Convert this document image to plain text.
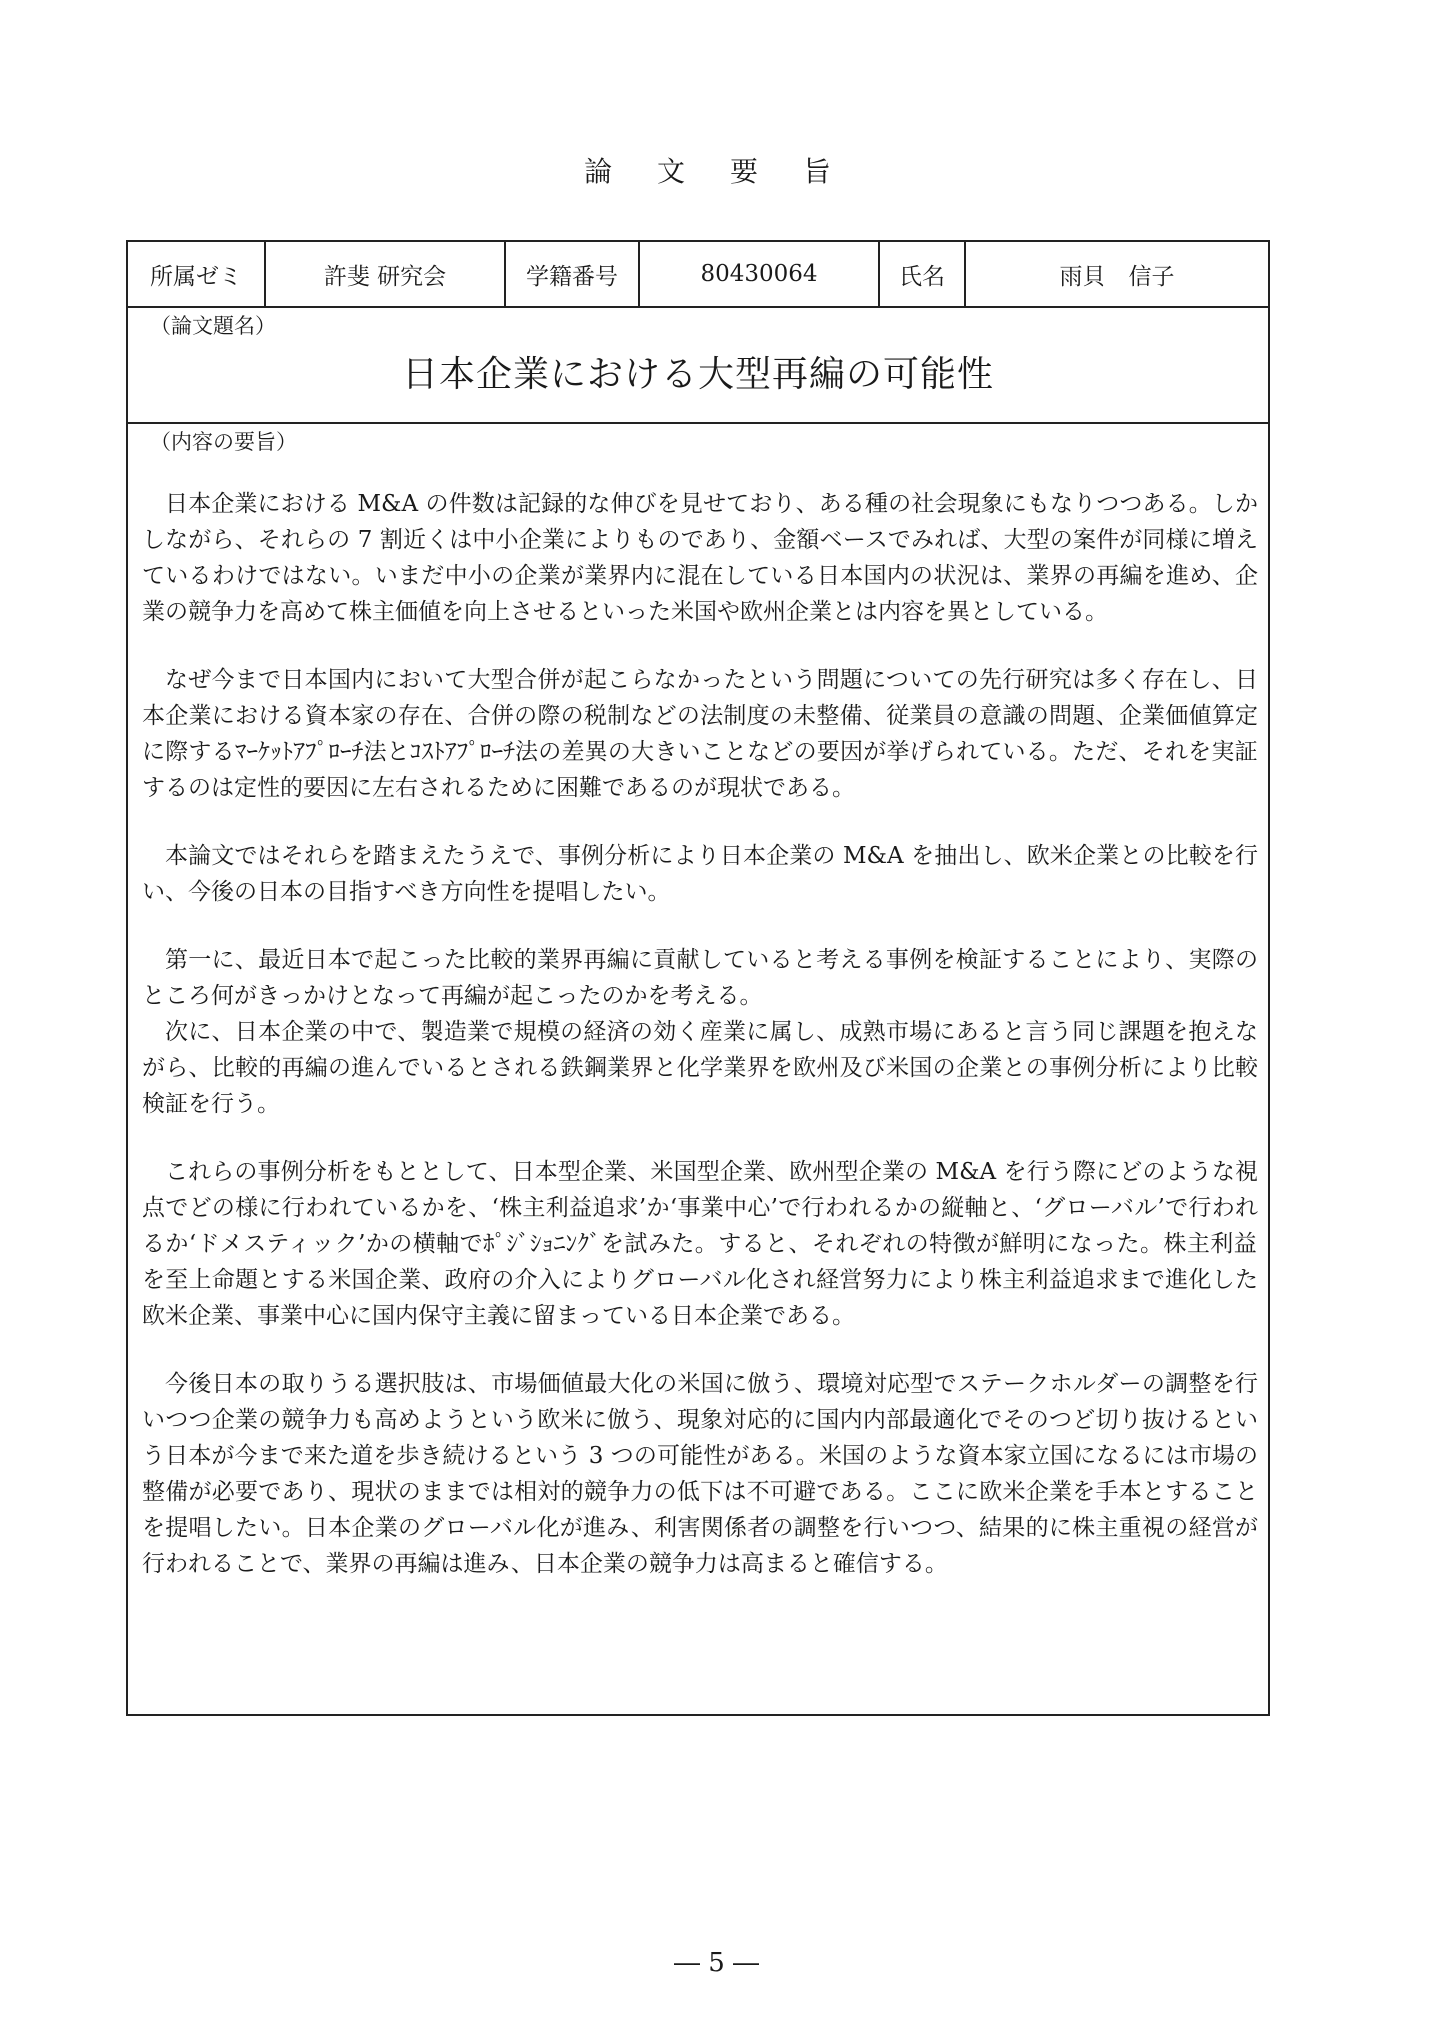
論 文 要 旨
所属ゼミ	許斐 研究会	学籍番号	80430064	氏名	雨貝　信子
（論文題名）
日本企業における大型再編の可能性
（内容の要旨）

日本企業における M&A の件数は記録的な伸びを見せており、ある種の社会現象にもなりつつある。しかしながら、それらの 7 割近くは中小企業によりものであり、金額ベースでみれば、大型の案件が同様に増えているわけではない。いまだ中小の企業が業界内に混在している日本国内の状況は、業界の再編を進め、企業の競争力を高めて株主価値を向上させるといった米国や欧州企業とは内容を異としている。

なぜ今まで日本国内において大型合併が起こらなかったという問題についての先行研究は多く存在し、日本企業における資本家の存在、合併の際の税制などの法制度の未整備、従業員の意識の問題、企業価値算定に際するﾏｰｹｯﾄｱﾌﾟﾛｰﾁ法とｺｽﾄｱﾌﾟﾛｰﾁ法の差異の大きいことなどの要因が挙げられている。ただ、それを実証するのは定性的要因に左右されるために困難であるのが現状である。

本論文ではそれらを踏まえたうえで、事例分析により日本企業の M&A を抽出し、欧米企業との比較を行い、今後の日本の目指すべき方向性を提唱したい。

第一に、最近日本で起こった比較的業界再編に貢献していると考える事例を検証することにより、実際のところ何がきっかけとなって再編が起こったのかを考える。

次に、日本企業の中で、製造業で規模の経済の効く産業に属し、成熟市場にあると言う同じ課題を抱えながら、比較的再編の進んでいるとされる鉄鋼業界と化学業界を欧州及び米国の企業との事例分析により比較検証を行う。

これらの事例分析をもととして、日本型企業、米国型企業、欧州型企業の M&A を行う際にどのような視点でどの様に行われているかを、‘株主利益追求’か‘事業中心’で行われるかの縦軸と、‘グローバル’で行われるか‘ドメスティック’かの横軸でﾎﾟｼﾞｼｮﾆﾝｸﾞを試みた。すると、それぞれの特徴が鮮明になった。株主利益を至上命題とする米国企業、政府の介入によりグローバル化され経営努力により株主利益追求まで進化した欧米企業、事業中心に国内保守主義に留まっている日本企業である。

今後日本の取りうる選択肢は、市場価値最大化の米国に倣う、環境対応型でステークホルダーの調整を行いつつ企業の競争力も高めようという欧米に倣う、現象対応的に国内内部最適化でそのつど切り抜けるという日本が今まで来た道を歩き続けるという 3 つの可能性がある。米国のような資本家立国になるには市場の整備が必要であり、現状のままでは相対的競争力の低下は不可避である。ここに欧米企業を手本とすることを提唱したい。日本企業のグローバル化が進み、利害関係者の調整を行いつつ、結果的に株主重視の経営が行われることで、業界の再編は進み、日本企業の競争力は高まると確信する。

― 5 ―
